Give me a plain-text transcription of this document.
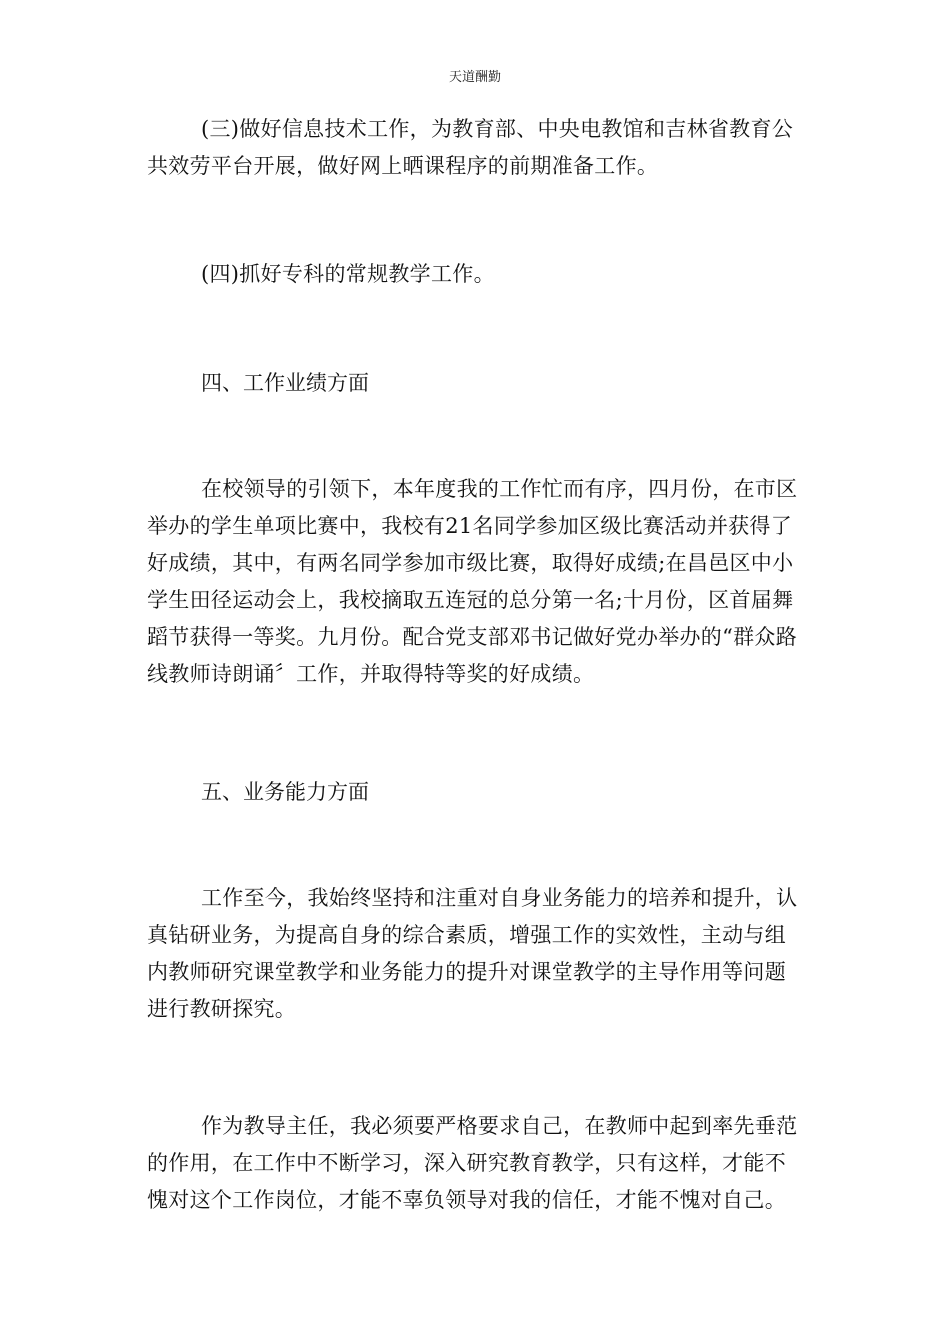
天道酬勤
(三)做好信息技术工作，为教育部、中央电教馆和吉林省教育公共效劳平台开展，做好网上晒课程序的前期准备工作。
(四)抓好专科的常规教学工作。
四、工作业绩方面
在校领导的引领下，本年度我的工作忙而有序，四月份，在市区举办的学生单项比赛中，我校有21名同学参加区级比赛活动并获得了好成绩，其中，有两名同学参加市级比赛，取得好成绩;在昌邑区中小学生田径运动会上，我校摘取五连冠的总分第一名;十月份，区首届舞蹈节获得一等奖。九月份。配合党支部邓书记做好党办举办的“群众路线教师诗朗诵〞工作，并取得特等奖的好成绩。
五、业务能力方面
工作至今，我始终坚持和注重对自身业务能力的培养和提升，认真钻研业务，为提高自身的综合素质，增强工作的实效性，主动与组内教师研究课堂教学和业务能力的提升对课堂教学的主导作用等问题进行教研探究。
作为教导主任，我必须要严格要求自己，在教师中起到率先垂范的作用，在工作中不断学习，深入研究教育教学，只有这样，才能不愧对这个工作岗位，才能不辜负领导对我的信任，才能不愧对自己。
